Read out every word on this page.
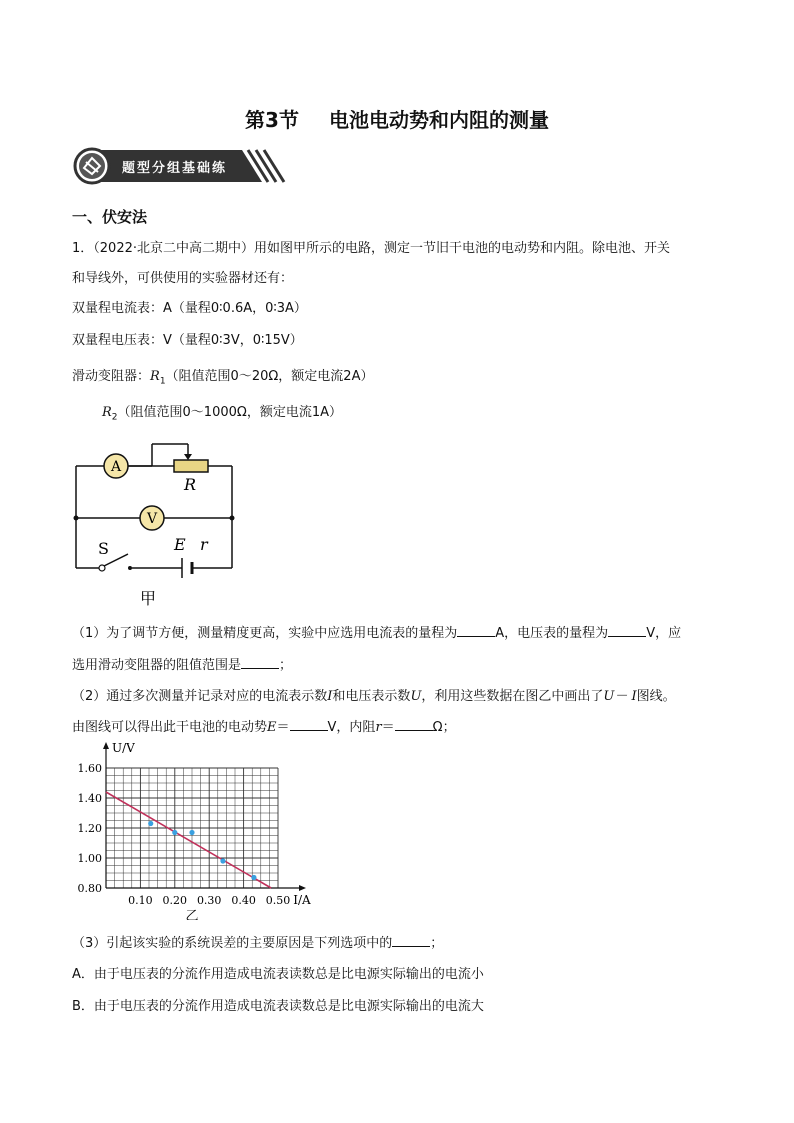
第3节 电池电动势和内阻的测量
题型分组基础练
一、伏安法
1．（2022·北京二中高二期中）用如图甲所示的电路，测定一节旧干电池的电动势和内阻。除电池、开关
和导线外，可供使用的实验器材还有：
双量程电流表：A（量程0∶0.6A，0∶3A）
双量程电压表：V（量程0∶3V，0∶15V）
滑动变阻器：$R_1$（阻值范围0～20Ω，额定电流2A）
$R_2$（阻值范围0～1000Ω，额定电流1A）
A
V
R
S	E r
甲
（1）为了调节方便，测量精度更高，实验中应选用电流表的量程为	A，电压表的量程为	V，应
选用滑动变阻器的阻值范围是	；
（2）通过多次测量并记录对应的电流表示数I和电压表示数U，利用这些数据在图乙中画出了U－ I图线。
由图线可以得出此干电池的电动势E＝	V，内阻r＝	Ω；
0.10 0.20 0.30 0.40 0.50
1.60
1.40
1.20
1.00
0.80
I/A
U/V
乙
（3）引起该实验的系统误差的主要原因是下列选项中的	；
A．由于电压表的分流作用造成电流表读数总是比电源实际输出的电流小
B．由于电压表的分流作用造成电流表读数总是比电源实际输出的电流大
